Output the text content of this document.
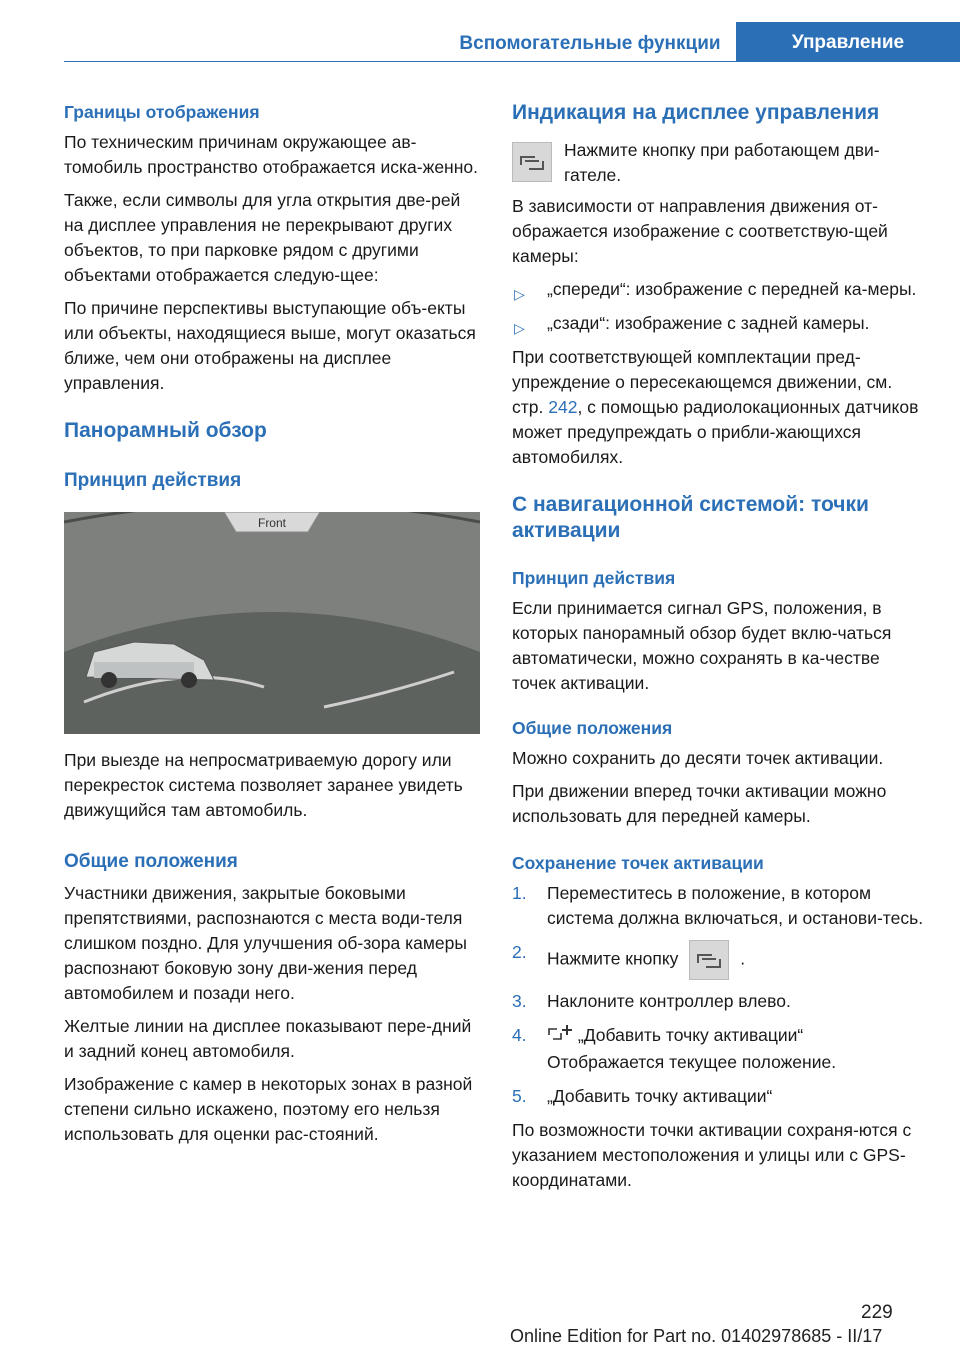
Вспомогательные функции	Управление
Границы отображения

По техническим причинам окружающее ав-томобиль пространство отображается иска-женно.

Также, если символы для угла открытия две-рей на дисплее управления не перекрывают других объектов, то при парковке рядом с другими объектами отображается следую-щее:

По причине перспективы выступающие объ-екты или объекты, находящиеся выше, могут оказаться ближе, чем они отображены на дисплее управления.

Панорамный обзор
Принцип действия
Front

При выезде на непросматриваемую дорогу или перекресток система позволяет заранее увидеть движущийся там автомобиль.

Общие положения

Участники движения, закрытые боковыми препятствиями, распознаются с места води-теля слишком поздно. Для улучшения об-зора камеры распознают боковую зону дви-жения перед автомобилем и позади него.

Желтые линии на дисплее показывают пере-дний и задний конец автомобиля.

Изображение с камер в некоторых зонах в разной степени сильно искажено, поэтому его нельзя использовать для оценки рас-стояний.

Индикация на дисплее управления

Нажмите кнопку при работающем дви-гателе.

В зависимости от направления движения от-ображается изображение с соответствую-щей камеры:

▷ „спереди“: изображение с передней ка-меры.
▷ „сзади“: изображение с задней камеры.

При соответствующей комплектации пред-упреждение о пересекающемся движении, см. стр. 242, с помощью радиолокационных датчиков может предупреждать о прибли-жающихся автомобилях.

С навигационной системой: точки активации
Принцип действия

Если принимается сигнал GPS, положения, в которых панорамный обзор будет вклю-чаться автоматически, можно сохранять в ка-честве точек активации.

Общие положения

Можно сохранить до десяти точек активации.

При движении вперед точки активации можно использовать для передней камеры.

Сохранение точек активации
1. Переместитесь в положение, в котором система должна включаться, и останови-тесь.
2. Нажмите кнопку	.
3. Наклоните контроллер влево.
4.	„Добавить точку активации“
Отображается текущее положение.
5. „Добавить точку активации“

По возможности точки активации сохраня-ются с указанием местоположения и улицы или с GPS-координатами.

229
Online Edition for Part no. 01402978685 - II/17
